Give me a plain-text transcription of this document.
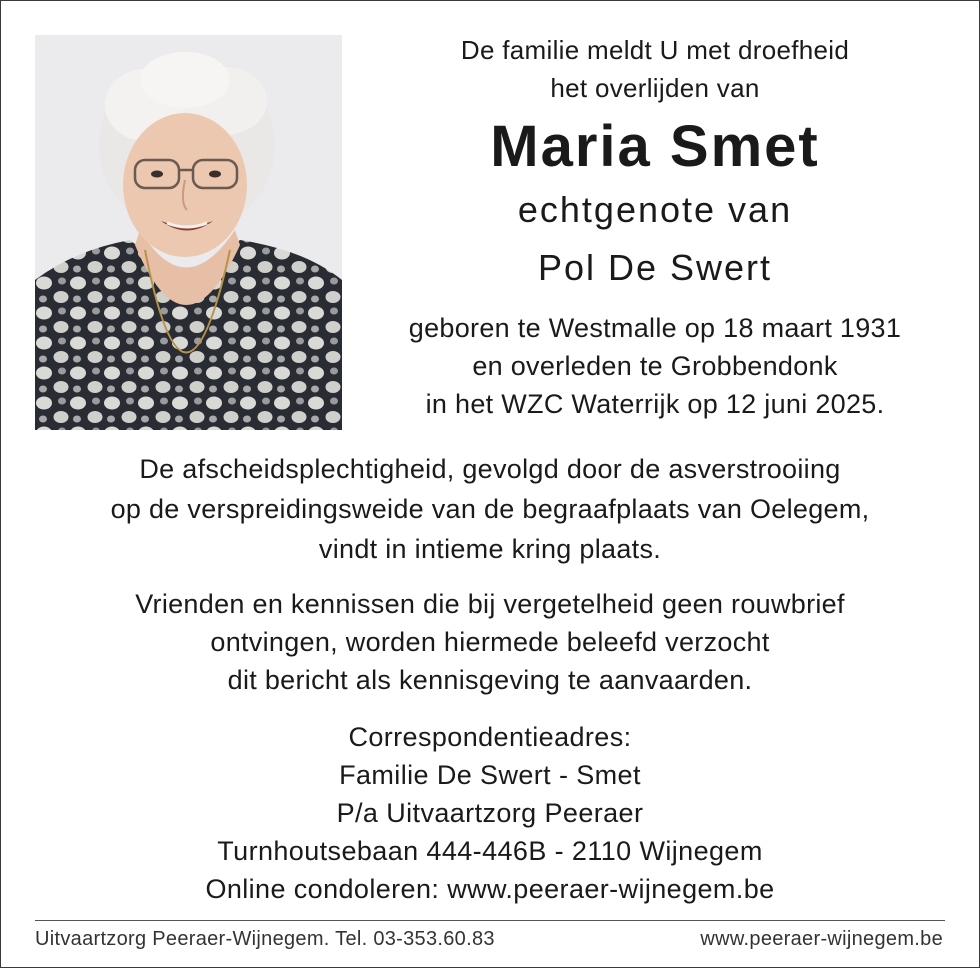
De familie meldt U met droefheid
het overlijden van
Maria Smet
echtgenote van
Pol De Swert
geboren te Westmalle op 18 maart 1931
en overleden te Grobbendonk
in het WZC Waterrijk op 12 juni 2025.
De afscheidsplechtigheid, gevolgd door de asverstrooiing
op de verspreidingsweide van de begraafplaats van Oelegem,
vindt in intieme kring plaats.
Vrienden en kennissen die bij vergetelheid geen rouwbrief
ontvingen, worden hiermede beleefd verzocht
dit bericht als kennisgeving te aanvaarden.
Correspondentieadres:
Familie De Swert - Smet
P/a Uitvaartzorg Peeraer
Turnhoutsebaan 444-446B - 2110 Wijnegem
Online condoleren: www.peeraer-wijnegem.be
Uitvaartzorg Peeraer-Wijnegem. Tel. 03-353.60.83	www.peeraer-wijnegem.be
